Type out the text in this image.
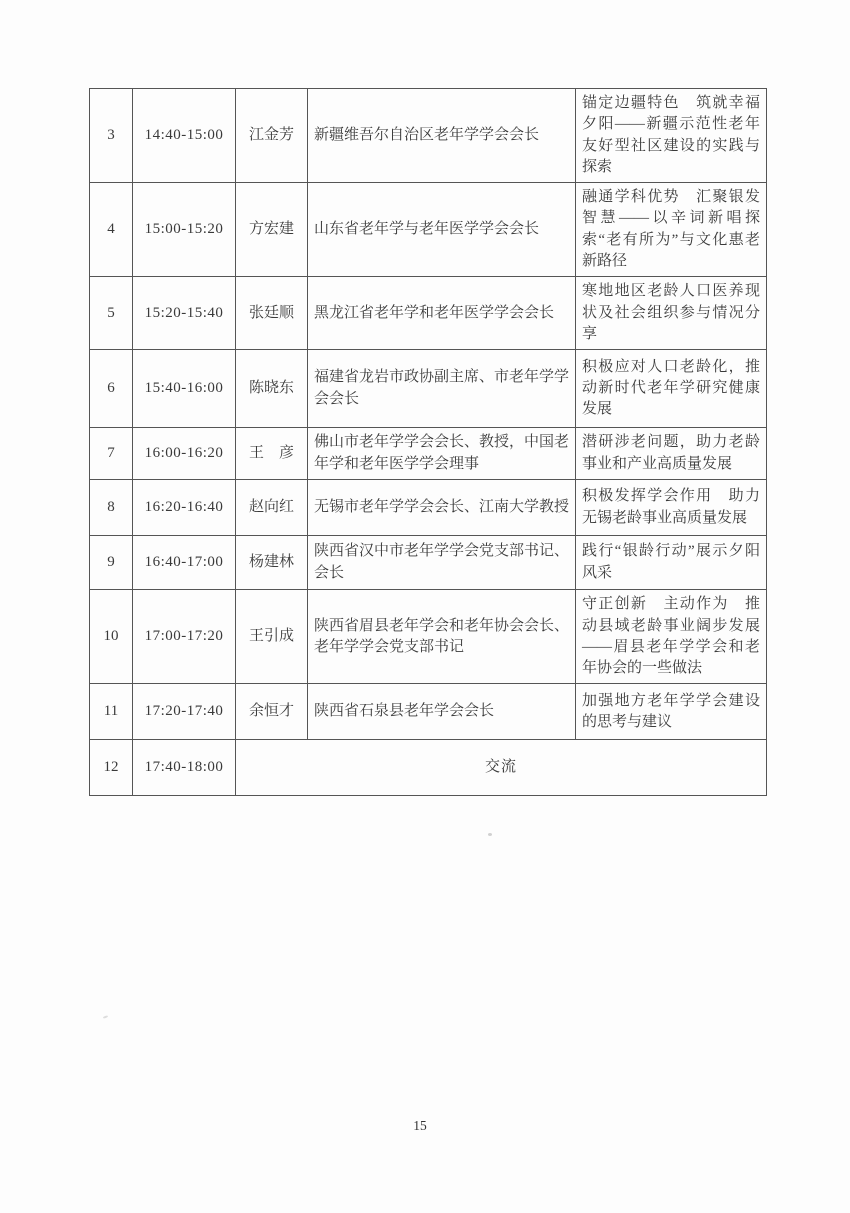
3	14:40-15:00	江金芳	新疆维吾尔自治区老年学学会会长	锚定边疆特色　筑就幸福夕阳——新疆示范性老年友好型社区建设的实践与探索
4	15:00-15:20	方宏建	山东省老年学与老年医学学会会长	融通学科优势　汇聚银发智慧——以辛词新唱探索“老有所为”与文化惠老新路径
5	15:20-15:40	张廷顺	黑龙江省老年学和老年医学学会会长	寒地地区老龄人口医养现状及社会组织参与情况分享
6	15:40-16:00	陈晓东	福建省龙岩市政协副主席、市老年学学会会长	积极应对人口老龄化，推动新时代老年学研究健康发展
7	16:00-16:20	王　彦	佛山市老年学学会会长、教授，中国老年学和老年医学学会理事	潜研涉老问题，助力老龄事业和产业高质量发展
8	16:20-16:40	赵向红	无锡市老年学学会会长、江南大学教授	积极发挥学会作用　助力无锡老龄事业高质量发展
9	16:40-17:00	杨建林	陕西省汉中市老年学学会党支部书记、会长	践行“银龄行动”展示夕阳风采
10	17:00-17:20	王引成	陕西省眉县老年学会和老年协会会长、老年学学会党支部书记	守正创新　主动作为　推动县域老龄事业阔步发展——眉县老年学学会和老年协会的一些做法
11	17:20-17:40	余恒才	陕西省石泉县老年学会会长	加强地方老年学学会建设的思考与建议
12	17:40-18:00	交流		
15
